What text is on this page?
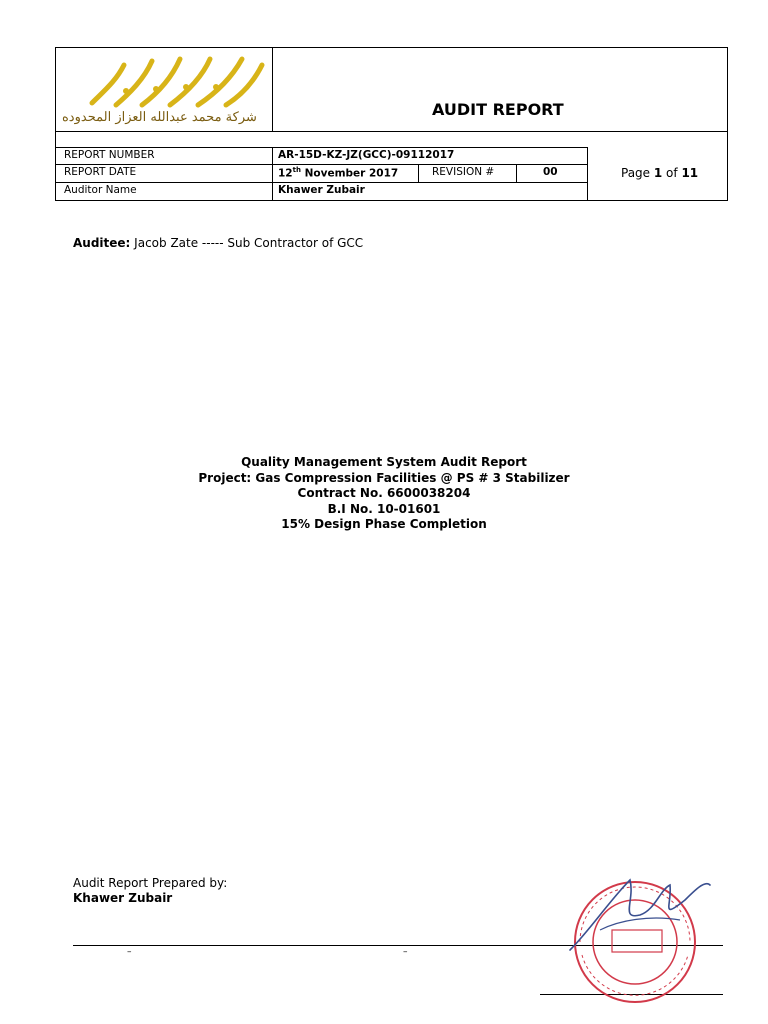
شركة محمد عبدالله العزاز المحدوده	AUDIT REPORT
REPORT NUMBER	AR-15D-KZ-JZ(GCC)-09112017
REPORT DATE	12th November 2017	REVISION #	00
Auditor Name	Khawer Zubair
Page 1 of 11
Auditee: Jacob Zate ----- Sub Contractor of GCC
Quality Management System Audit Report
Project: Gas Compression Facilities @ PS # 3 Stabilizer
Contract No. 6600038204
B.I No. 10-01601
15% Design Phase Completion
Audit Report Prepared by:
Khawer Zubair
–	–
